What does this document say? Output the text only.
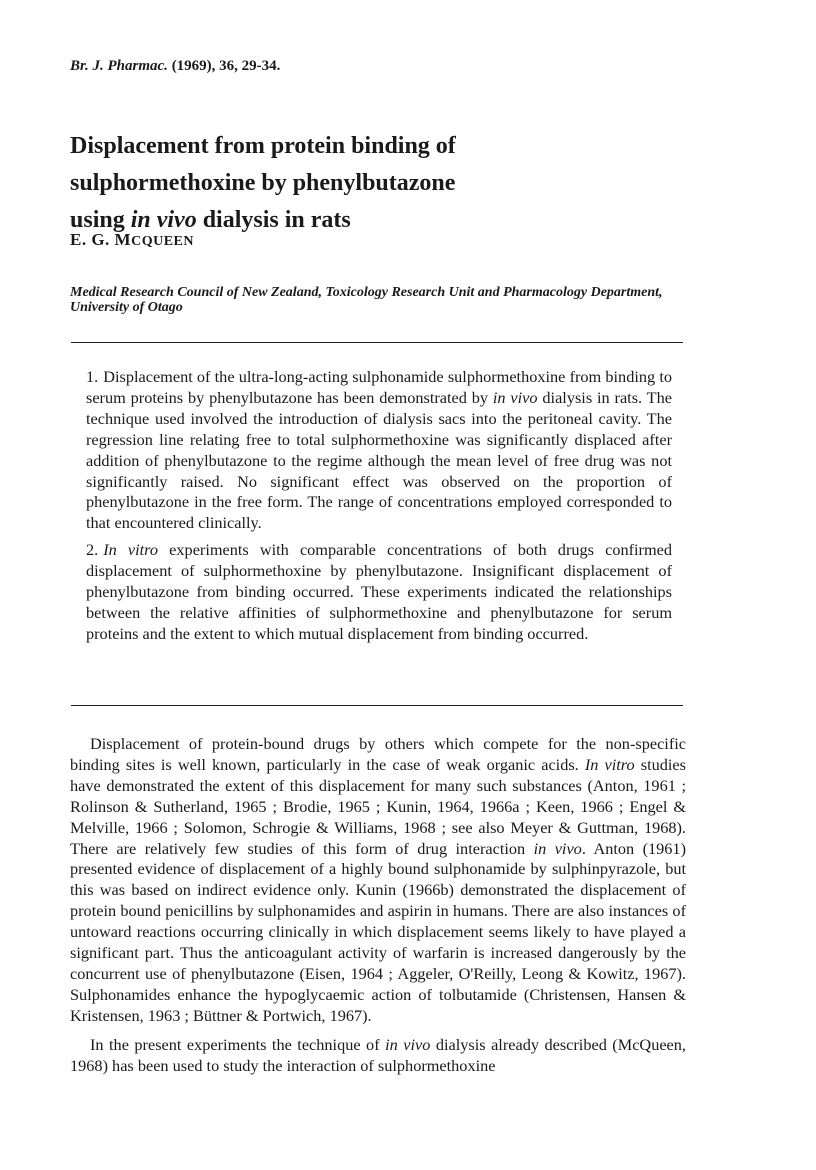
Br. J. Pharmac. (1969), 36, 29-34.
Displacement from protein binding of
sulphormethoxine by phenylbutazone
using in vivo dialysis in rats
E. G. MCQUEEN
Medical Research Council of New Zealand, Toxicology Research Unit and Pharmacology Department, University of Otago

1. Displacement of the ultra-long-acting sulphonamide sulphormethoxine from binding to serum proteins by phenylbutazone has been demonstrated by in vivo dialysis in rats. The technique used involved the introduction of dialysis sacs into the peritoneal cavity. The regression line relating free to total sulphormethoxine was significantly displaced after addition of phenylbutazone to the regime although the mean level of free drug was not significantly raised. No significant effect was observed on the proportion of phenylbutazone in the free form. The range of concentrations employed corresponded to that encountered clinically.

2. In vitro experiments with comparable concentrations of both drugs confirmed displacement of sulphormethoxine by phenylbutazone. Insignificant displacement of phenylbutazone from binding occurred. These experiments indicated the relationships between the relative affinities of sulphormethoxine and phenylbutazone for serum proteins and the extent to which mutual displacement from binding occurred.

Displacement of protein-bound drugs by others which compete for the non-specific binding sites is well known, particularly in the case of weak organic acids. In vitro studies have demonstrated the extent of this displacement for many such substances (Anton, 1961 ; Rolinson & Sutherland, 1965 ; Brodie, 1965 ; Kunin, 1964, 1966a ; Keen, 1966 ; Engel & Melville, 1966 ; Solomon, Schrogie & Williams, 1968 ; see also Meyer & Guttman, 1968). There are relatively few studies of this form of drug interaction in vivo. Anton (1961) presented evidence of displacement of a highly bound sulphonamide by sulphinpyrazole, but this was based on indirect evidence only. Kunin (1966b) demonstrated the displacement of protein bound penicillins by sulphonamides and aspirin in humans. There are also instances of untoward reactions occurring clinically in which displacement seems likely to have played a significant part. Thus the anticoagulant activity of warfarin is increased dangerously by the concurrent use of phenylbutazone (Eisen, 1964 ; Aggeler, O'Reilly, Leong & Kowitz, 1967). Sulphonamides enhance the hypoglycaemic action of tolbutamide (Christensen, Hansen & Kristensen, 1963 ; Büttner & Portwich, 1967).

In the present experiments the technique of in vivo dialysis already described (McQueen, 1968) has been used to study the interaction of sulphormethoxine
